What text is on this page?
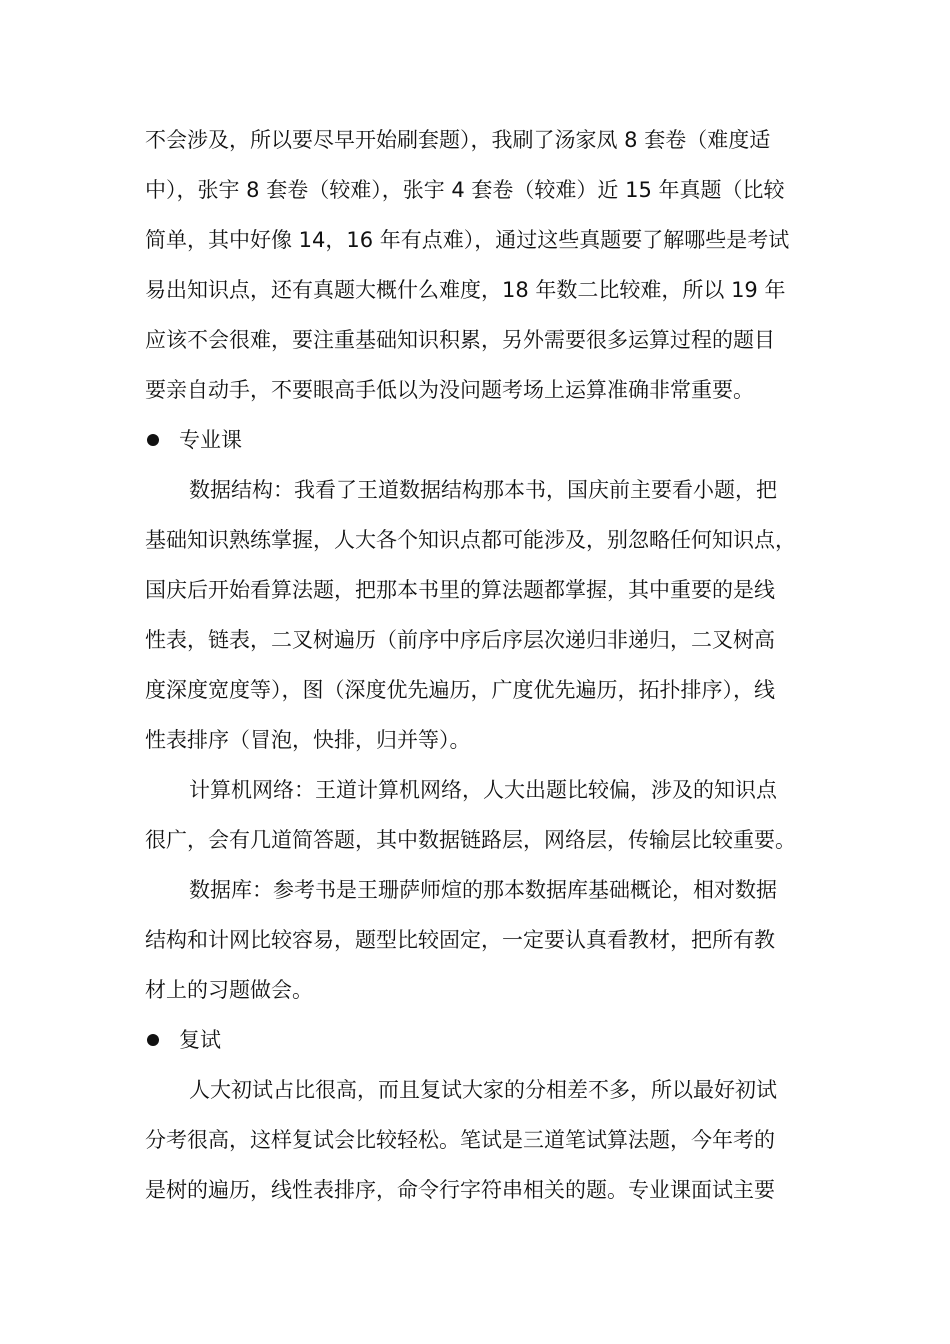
不会涉及，所以要尽早开始刷套题），我刷了汤家凤 8 套卷（难度适
中），张宇 8 套卷（较难），张宇 4 套卷（较难）近 15 年真题（比较
简单，其中好像 14，16 年有点难），通过这些真题要了解哪些是考试
易出知识点，还有真题大概什么难度，18 年数二比较难，所以 19 年
应该不会很难，要注重基础知识积累，另外需要很多运算过程的题目
要亲自动手，不要眼高手低以为没问题考场上运算准确非常重要。
专业课
数据结构：我看了王道数据结构那本书，国庆前主要看小题，把
基础知识熟练掌握，人大各个知识点都可能涉及，别忽略任何知识点，
国庆后开始看算法题，把那本书里的算法题都掌握，其中重要的是线
性表，链表，二叉树遍历（前序中序后序层次递归非递归，二叉树高
度深度宽度等），图（深度优先遍历，广度优先遍历，拓扑排序），线
性表排序（冒泡，快排，归并等）。
计算机网络：王道计算机网络，人大出题比较偏，涉及的知识点
很广，会有几道简答题，其中数据链路层，网络层，传输层比较重要。
数据库：参考书是王珊萨师煊的那本数据库基础概论，相对数据
结构和计网比较容易，题型比较固定，一定要认真看教材，把所有教
材上的习题做会。
复试
人大初试占比很高，而且复试大家的分相差不多，所以最好初试
分考很高，这样复试会比较轻松。笔试是三道笔试算法题，今年考的
是树的遍历，线性表排序，命令行字符串相关的题。专业课面试主要
